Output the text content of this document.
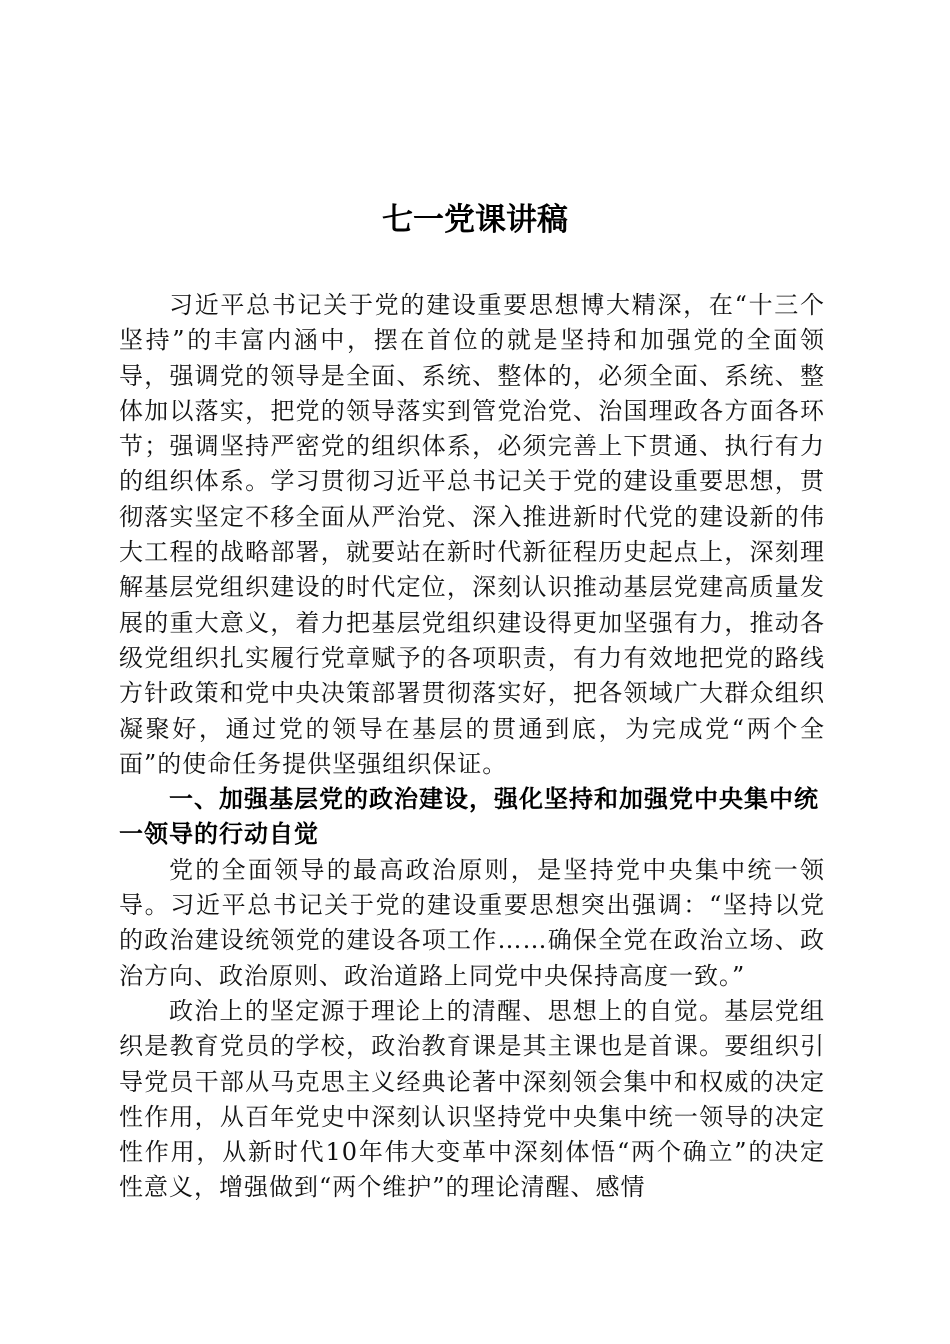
七一党课讲稿

习近平总书记关于党的建设重要思想博大精深，在“十三个坚持”的丰富内涵中，摆在首位的就是坚持和加强党的全面领导，强调党的领导是全面、系统、整体的，必须全面、系统、整体加以落实，把党的领导落实到管党治党、治国理政各方面各环节；强调坚持严密党的组织体系，必须完善上下贯通、执行有力的组织体系。学习贯彻习近平总书记关于党的建设重要思想，贯彻落实坚定不移全面从严治党、深入推进新时代党的建设新的伟大工程的战略部署，就要站在新时代新征程历史起点上，深刻理解基层党组织建设的时代定位，深刻认识推动基层党建高质量发展的重大意义，着力把基层党组织建设得更加坚强有力，推动各级党组织扎实履行党章赋予的各项职责，有力有效地把党的路线方针政策和党中央决策部署贯彻落实好，把各领域广大群众组织凝聚好，通过党的领导在基层的贯通到底，为完成党“两个全面”的使命任务提供坚强组织保证。

一、加强基层党的政治建设，强化坚持和加强党中央集中统一领导的行动自觉

党的全面领导的最高政治原则，是坚持党中央集中统一领导。习近平总书记关于党的建设重要思想突出强调：“坚持以党的政治建设统领党的建设各项工作……确保全党在政治立场、政治方向、政治原则、政治道路上同党中央保持高度一致。”

政治上的坚定源于理论上的清醒、思想上的自觉。基层党组织是教育党员的学校，政治教育课是其主课也是首课。要组织引导党员干部从马克思主义经典论著中深刻领会集中和权威的决定性作用，从百年党史中深刻认识坚持党中央集中统一领导的决定性作用，从新时代10年伟大变革中深刻体悟“两个确立”的决定性意义，增强做到“两个维护”的理论清醒、感情
